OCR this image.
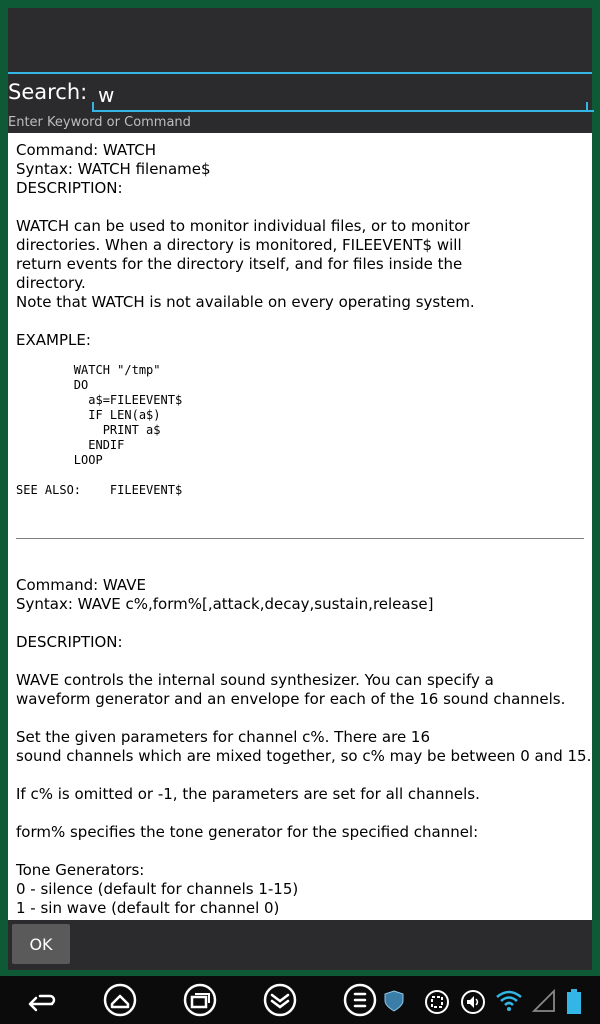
Search:
w
Enter Keyword or Command
Command: WATCH
Syntax: WATCH filename$
DESCRIPTION:
WATCH can be used to monitor individual files, or to monitor
directories. When a directory is monitored, FILEEVENT$ will
return events for the directory itself, and for files inside the
directory.
Note that WATCH is not available on every operating system.
EXAMPLE:
WATCH "/tmp"
DO
a$=FILEEVENT$
IF LEN(a$)
PRINT a$
ENDIF
LOOP
SEE ALSO:    FILEEVENT$
Command: WAVE
Syntax: WAVE c%,form%[,attack,decay,sustain,release]
DESCRIPTION:
WAVE controls the internal sound synthesizer. You can specify a
waveform generator and an envelope for each of the 16 sound channels.

Set the given parameters for channel c%. There are 16
sound channels which are mixed together, so c% may be between 0 and 15.

If c% is omitted or -1, the parameters are set for all channels.

form% specifies the tone generator for the specified channel:

Tone Generators:
0 - silence (default for channels 1-15)
1 - sin wave (default for channel 0)

OK
